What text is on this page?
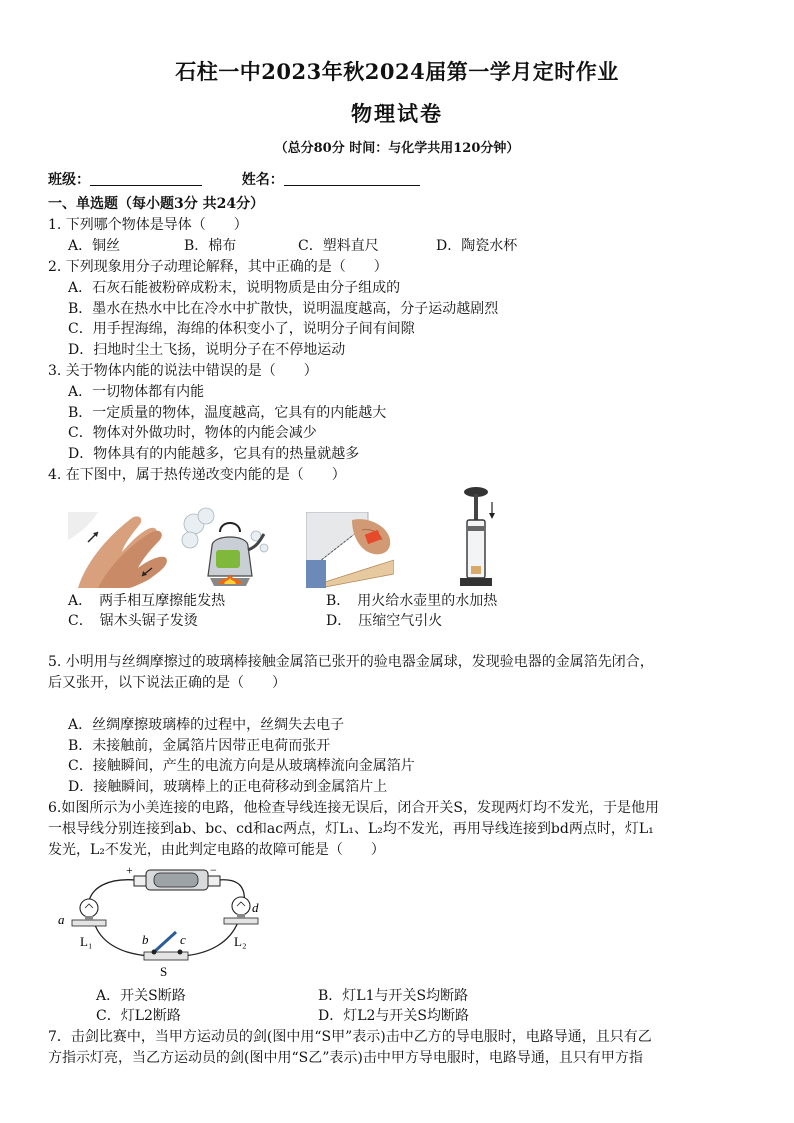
石柱一中2023年秋2024届第一学月定时作业
物理试卷
（总分80分 时间：与化学共用120分钟）
班级：	姓名：
一、单选题（每小题3分 共24分）
1. 下列哪个物体是导体（　　）
A．铜丝	B．棉布	C．塑料直尺	D．陶瓷水杯
2. 下列现象用分子动理论解释，其中正确的是（　　）
A．石灰石能被粉碎成粉末，说明物质是由分子组成的
B．墨水在热水中比在冷水中扩散快，说明温度越高，分子运动越剧烈
C．用手捏海绵，海绵的体积变小了，说明分子间有间隙
D．扫地时尘土飞扬，说明分子在不停地运动
3. 关于物体内能的说法中错误的是（　　）
A．一切物体都有内能
B．一定质量的物体，温度越高，它具有的内能越大
C．物体对外做功时，物体的内能会减少
D．物体具有的内能越多，它具有的热量就越多
4. 在下图中，属于热传递改变内能的是（　　）
A．　两手相互摩擦能发热	B．　用火给水壶里的水加热
C．　锯木头锯子发烫	D．　压缩空气引火
5. 小明用与丝绸摩擦过的玻璃棒接触金属箔已张开的验电器金属球，发现验电器的金属箔先闭合，
后又张开，以下说法正确的是（　　）
A．丝绸摩擦玻璃棒的过程中，丝绸失去电子
B．未接触前，金属箔片因带正电荷而张开
C．接触瞬间，产生的电流方向是从玻璃棒流向金属箔片
D．接触瞬间，玻璃棒上的正电荷移动到金属箔片上
6.如图所示为小美连接的电路，他检查导线连接无误后，闭合开关S，发现两灯均不发光，于是他用
一根导线分别连接到ab、bc、cd和ac两点，灯L₁、L₂均不发光，再用导线连接到bd两点时，灯L₁
发光，L₂不发光，由此判定电路的故障可能是（　　）
+	−
a
b c
d
L₁	L₂
S
A．开关S断路	B．灯L1与开关S均断路
C．灯L2断路	D．灯L2与开关S均断路
7．击剑比赛中，当甲方运动员的剑(图中用“S甲”表示)击中乙方的导电服时，电路导通，且只有乙
方指示灯亮，当乙方运动员的剑(图中用“S乙”表示)击中甲方导电服时，电路导通，且只有甲方指
